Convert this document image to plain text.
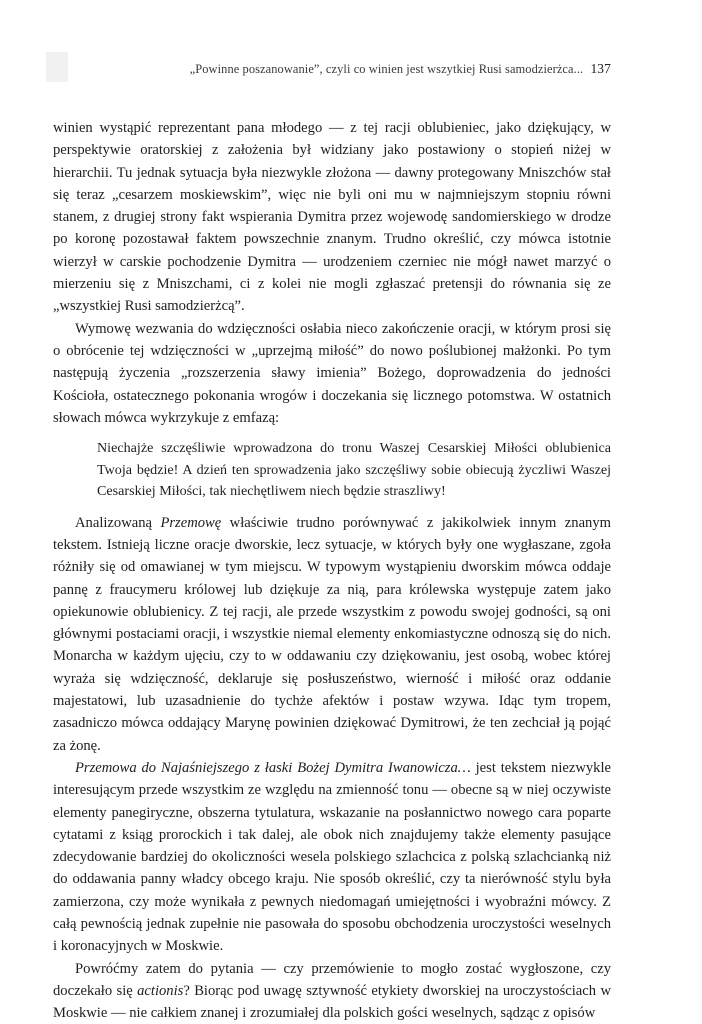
„Powinne poszanowanie”, czyli co winien jest wszytkiej Rusi samodzierżca... 137

winien wystąpić reprezentant pana młodego — z tej racji oblubieniec, jako dziękujący, w perspektywie oratorskiej z założenia był widziany jako postawiony o stopień niżej w hierarchii. Tu jednak sytuacja była niezwykle złożona — dawny protegowany Mniszchów stał się teraz „cesarzem moskiewskim”, więc nie byli oni mu w najmniejszym stopniu równi stanem, z drugiej strony fakt wspierania Dymitra przez wojewodę sandomierskiego w drodze po koronę pozostawał faktem powszechnie znanym. Trudno określić, czy mówca istotnie wierzył w carskie pochodzenie Dymitra — urodzeniem czerniec nie mógł nawet marzyć o mierzeniu się z Mniszchami, ci z kolei nie mogli zgłaszać pretensji do równania się ze „wszystkiej Rusi samodzierżcą”.

Wymowę wezwania do wdzięczności osłabia nieco zakończenie oracji, w którym prosi się o obrócenie tej wdzięczności w „uprzejmą miłość” do nowo poślubionej małżonki. Po tym następują życzenia „rozszerzenia sławy imienia” Bożego, doprowadzenia do jedności Kościoła, ostatecznego pokonania wrogów i doczekania się licznego potomstwa. W ostatnich słowach mówca wykrzykuje z emfazą:

Niechajże szczęśliwie wprowadzona do tronu Waszej Cesarskiej Miłości oblubienica Twoja będzie! A dzień ten sprowadzenia jako szczęśliwy sobie obiecują życzliwi Waszej Cesarskiej Miłości, tak niechętliwem niech będzie straszliwy!

Analizowaną Przemowę właściwie trudno porównywać z jakikolwiek innym znanym tekstem. Istnieją liczne oracje dworskie, lecz sytuacje, w których były one wygłaszane, zgoła różniły się od omawianej w tym miejscu. W typowym wystąpieniu dworskim mówca oddaje pannę z fraucymeru królowej lub dziękuje za nią, para królewska występuje zatem jako opiekunowie oblubienicy. Z tej racji, ale przede wszystkim z powodu swojej godności, są oni głównymi postaciami oracji, i wszystkie niemal elementy enkomiastyczne odnoszą się do nich. Monarcha w każdym ujęciu, czy to w oddawaniu czy dziękowaniu, jest osobą, wobec której wyraża się wdzięczność, deklaruje się posłuszeństwo, wierność i miłość oraz oddanie majestatowi, lub uzasadnienie do tychże afektów i postaw wzywa. Idąc tym tropem, zasadniczo mówca oddający Marynę powinien dziękować Dymitrowi, że ten zechciał ją pojąć za żonę.

Przemowa do Najaśniejszego z łaski Bożej Dymitra Iwanowicza… jest tekstem niezwykle interesującym przede wszystkim ze względu na zmienność tonu — obecne są w niej oczywiste elementy panegiryczne, obszerna tytulatura, wskazanie na posłannictwo nowego cara poparte cytatami z ksiąg prorockich i tak dalej, ale obok nich znajdujemy także elementy pasujące zdecydowanie bardziej do okoliczności wesela polskiego szlachcica z polską szlachcianką niż do oddawania panny władcy obcego kraju. Nie sposób określić, czy ta nierówność stylu była zamierzona, czy może wynikała z pewnych niedomagań umiejętności i wyobraźni mówcy. Z całą pewnością jednak zupełnie nie pasowała do sposobu obchodzenia uroczystości weselnych i koronacyjnych w Moskwie.

Powróćmy zatem do pytania — czy przemówienie to mogło zostać wygłoszone, czy doczekało się actionis? Biorąc pod uwagę sztywność etykiety dworskiej na uroczystościach w Moskwie — nie całkiem znanej i zrozumiałej dla polskich gości weselnych, sądząc z opisów
